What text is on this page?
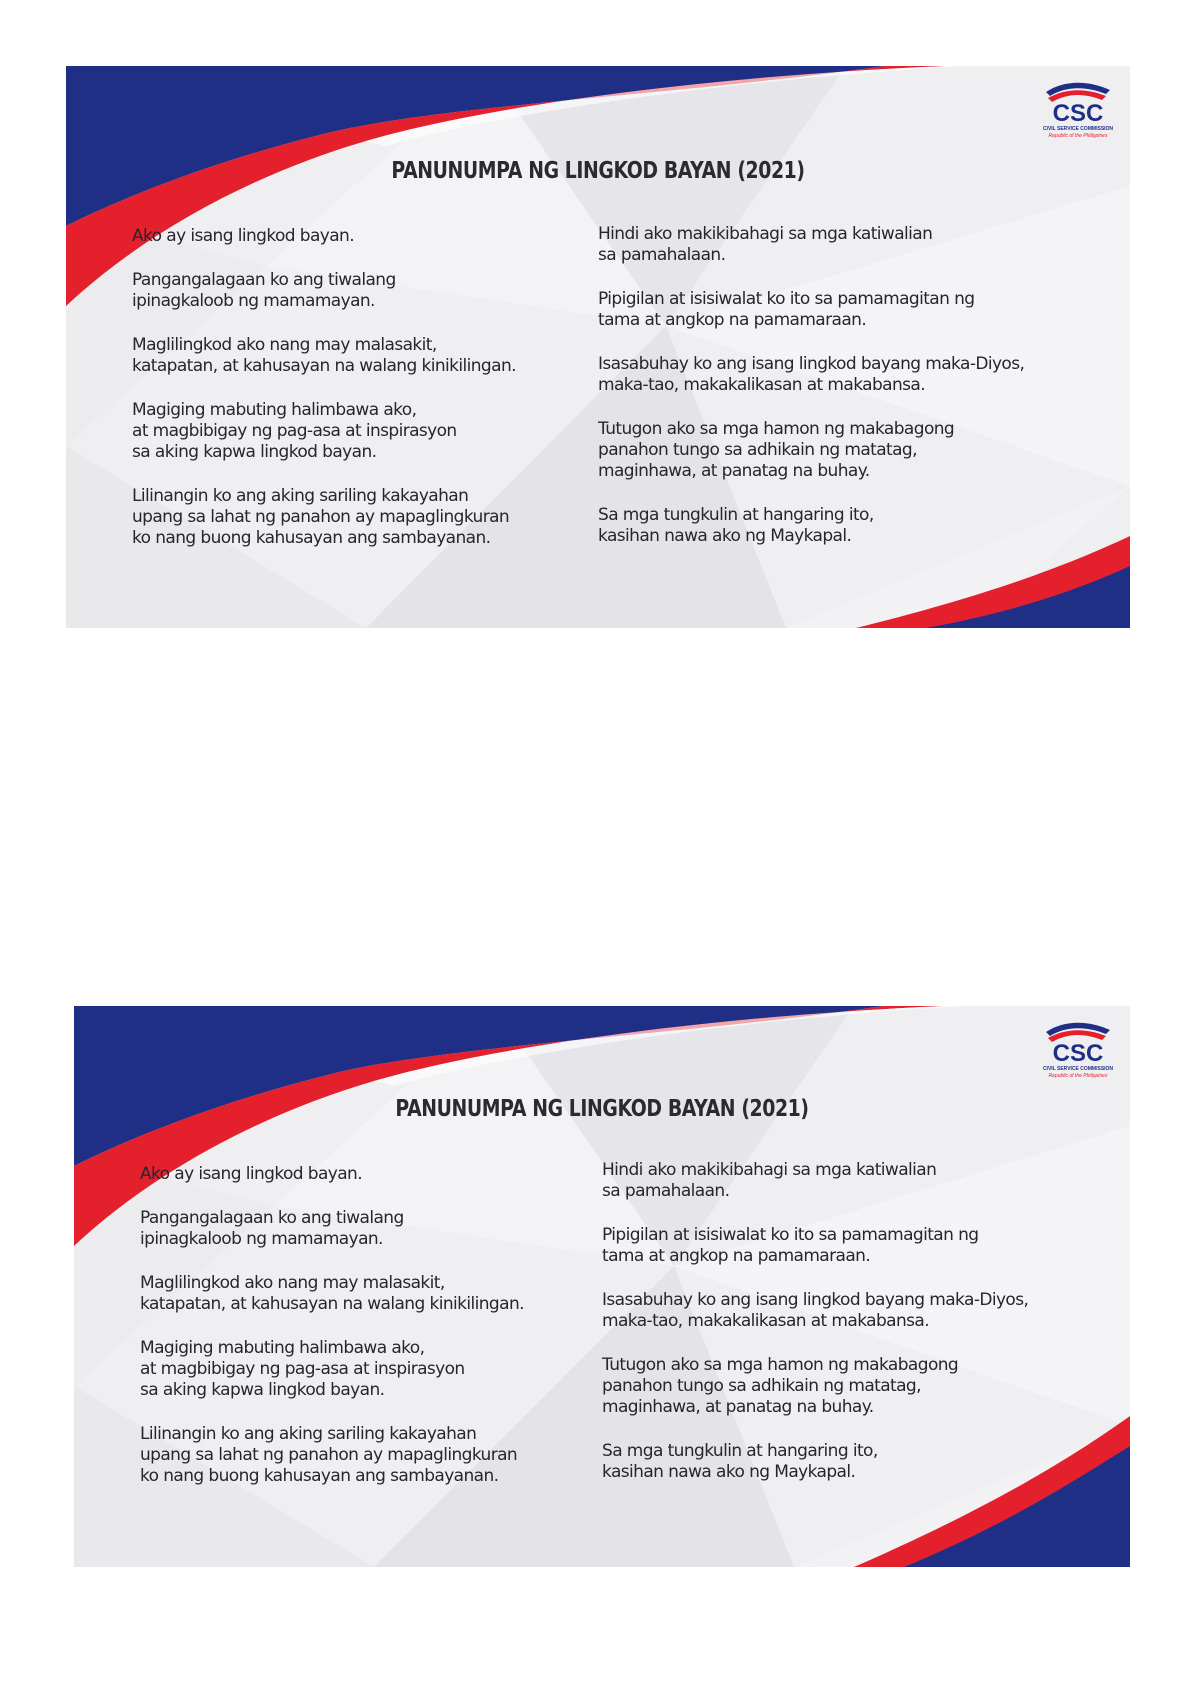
CSC
CIVIL SERVICE COMMISSION
Republic of the Philippines
PANUNUMPA NG LINGKOD BAYAN (2021)

Ako ay isang lingkod bayan.

Pangangalagaan ko ang tiwalang
ipinagkaloob ng mamamayan.

Maglilingkod ako nang may malasakit,
katapatan, at kahusayan na walang kinikilingan.

Magiging mabuting halimbawa ako,
at magbibigay ng pag-asa at inspirasyon
sa aking kapwa lingkod bayan.

Lilinangin ko ang aking sariling kakayahan
upang sa lahat ng panahon ay mapaglingkuran
ko nang buong kahusayan ang sambayanan.

Hindi ako makikibahagi sa mga katiwalian
sa pamahalaan.

Pipigilan at isisiwalat ko ito sa pamamagitan ng
tama at angkop na pamamaraan.

Isasabuhay ko ang isang lingkod bayang maka-Diyos,
maka-tao, makakalikasan at makabansa.

Tutugon ako sa mga hamon ng makabagong
panahon tungo sa adhikain ng matatag,
maginhawa, at panatag na buhay.

Sa mga tungkulin at hangaring ito,
kasihan nawa ako ng Maykapal.

CSC
CIVIL SERVICE COMMISSION
Republic of the Philippines
PANUNUMPA NG LINGKOD BAYAN (2021)

Ako ay isang lingkod bayan.

Pangangalagaan ko ang tiwalang
ipinagkaloob ng mamamayan.

Maglilingkod ako nang may malasakit,
katapatan, at kahusayan na walang kinikilingan.

Magiging mabuting halimbawa ako,
at magbibigay ng pag-asa at inspirasyon
sa aking kapwa lingkod bayan.

Lilinangin ko ang aking sariling kakayahan
upang sa lahat ng panahon ay mapaglingkuran
ko nang buong kahusayan ang sambayanan.

Hindi ako makikibahagi sa mga katiwalian
sa pamahalaan.

Pipigilan at isisiwalat ko ito sa pamamagitan ng
tama at angkop na pamamaraan.

Isasabuhay ko ang isang lingkod bayang maka-Diyos,
maka-tao, makakalikasan at makabansa.

Tutugon ako sa mga hamon ng makabagong
panahon tungo sa adhikain ng matatag,
maginhawa, at panatag na buhay.

Sa mga tungkulin at hangaring ito,
kasihan nawa ako ng Maykapal.
